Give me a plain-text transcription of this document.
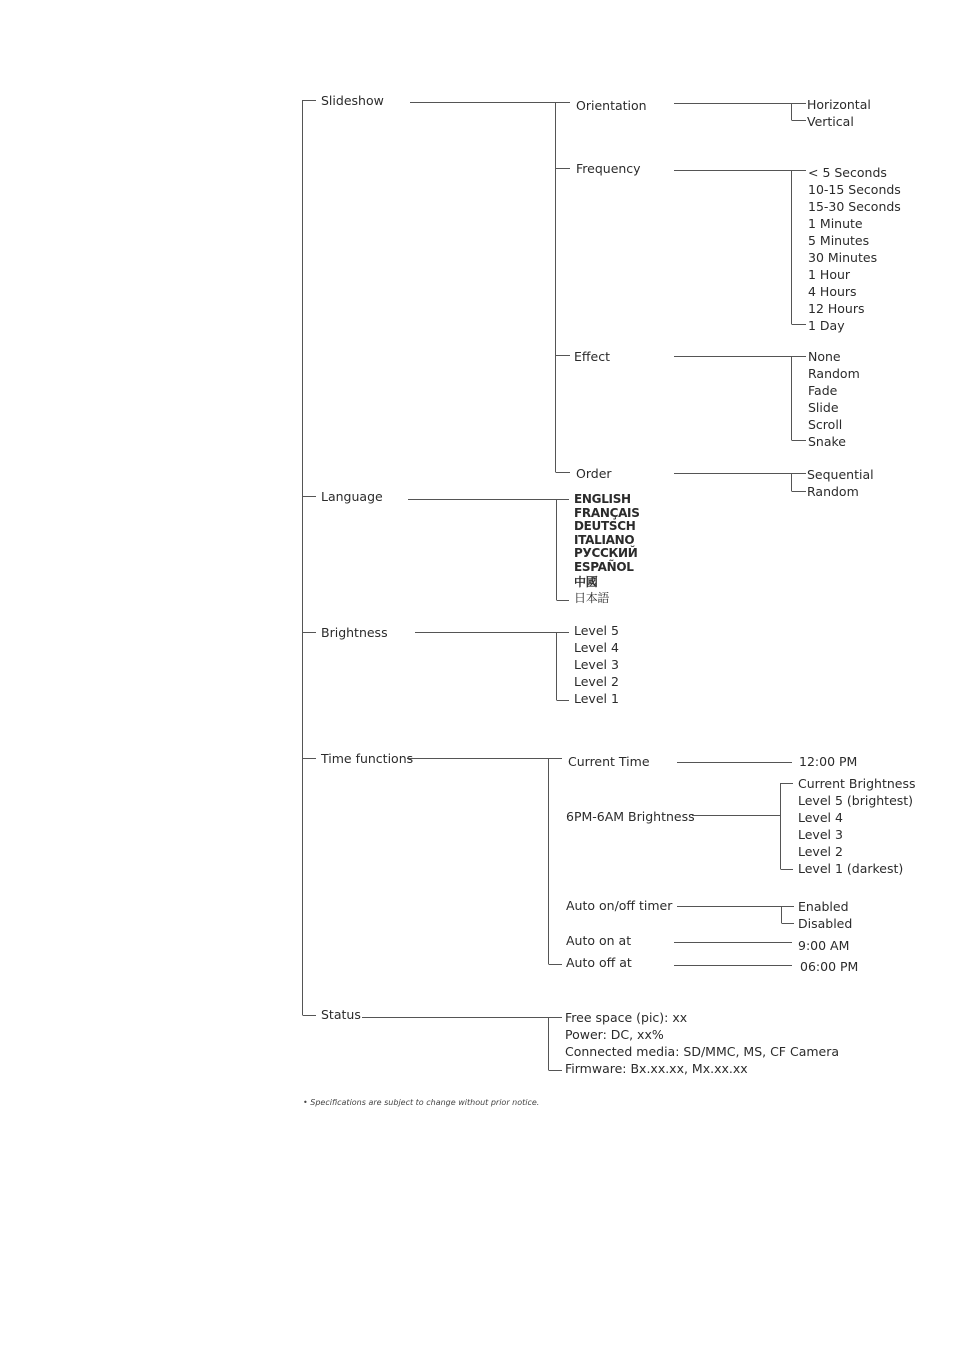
Slideshow
Language
Brightness
Time functions
Status
Orientation
Frequency
Effect
Order
Horizontal
Vertical
< 5 Seconds
10-15 Seconds
15-30 Seconds
1 Minute
5 Minutes
30 Minutes
1 Hour
4 Hours
12 Hours
1 Day
None
Random
Fade
Slide
Scroll
Snake
Sequential
Random
ENGLISH
FRANÇAIS
DEUTSCH
ITALIANO
РУССКИЙ
ESPAÑOL
中國
日本語
Level 5
Level 4
Level 3
Level 2
Level 1
Current Time	12:00 PM
6PM-6AM Brightness
Current Brightness
Level 5 (brightest)
Level 4
Level 3
Level 2
Level 1 (darkest)
Auto on/off timer	Enabled
Disabled
Auto on at	9:00 AM
Auto off at	06:00 PM
Free space (pic): xx
Power: DC, xx%
Connected media: SD/MMC, MS, CF Camera
Firmware: Bx.xx.xx, Mx.xx.xx
• Specifications are subject to change without prior notice.
